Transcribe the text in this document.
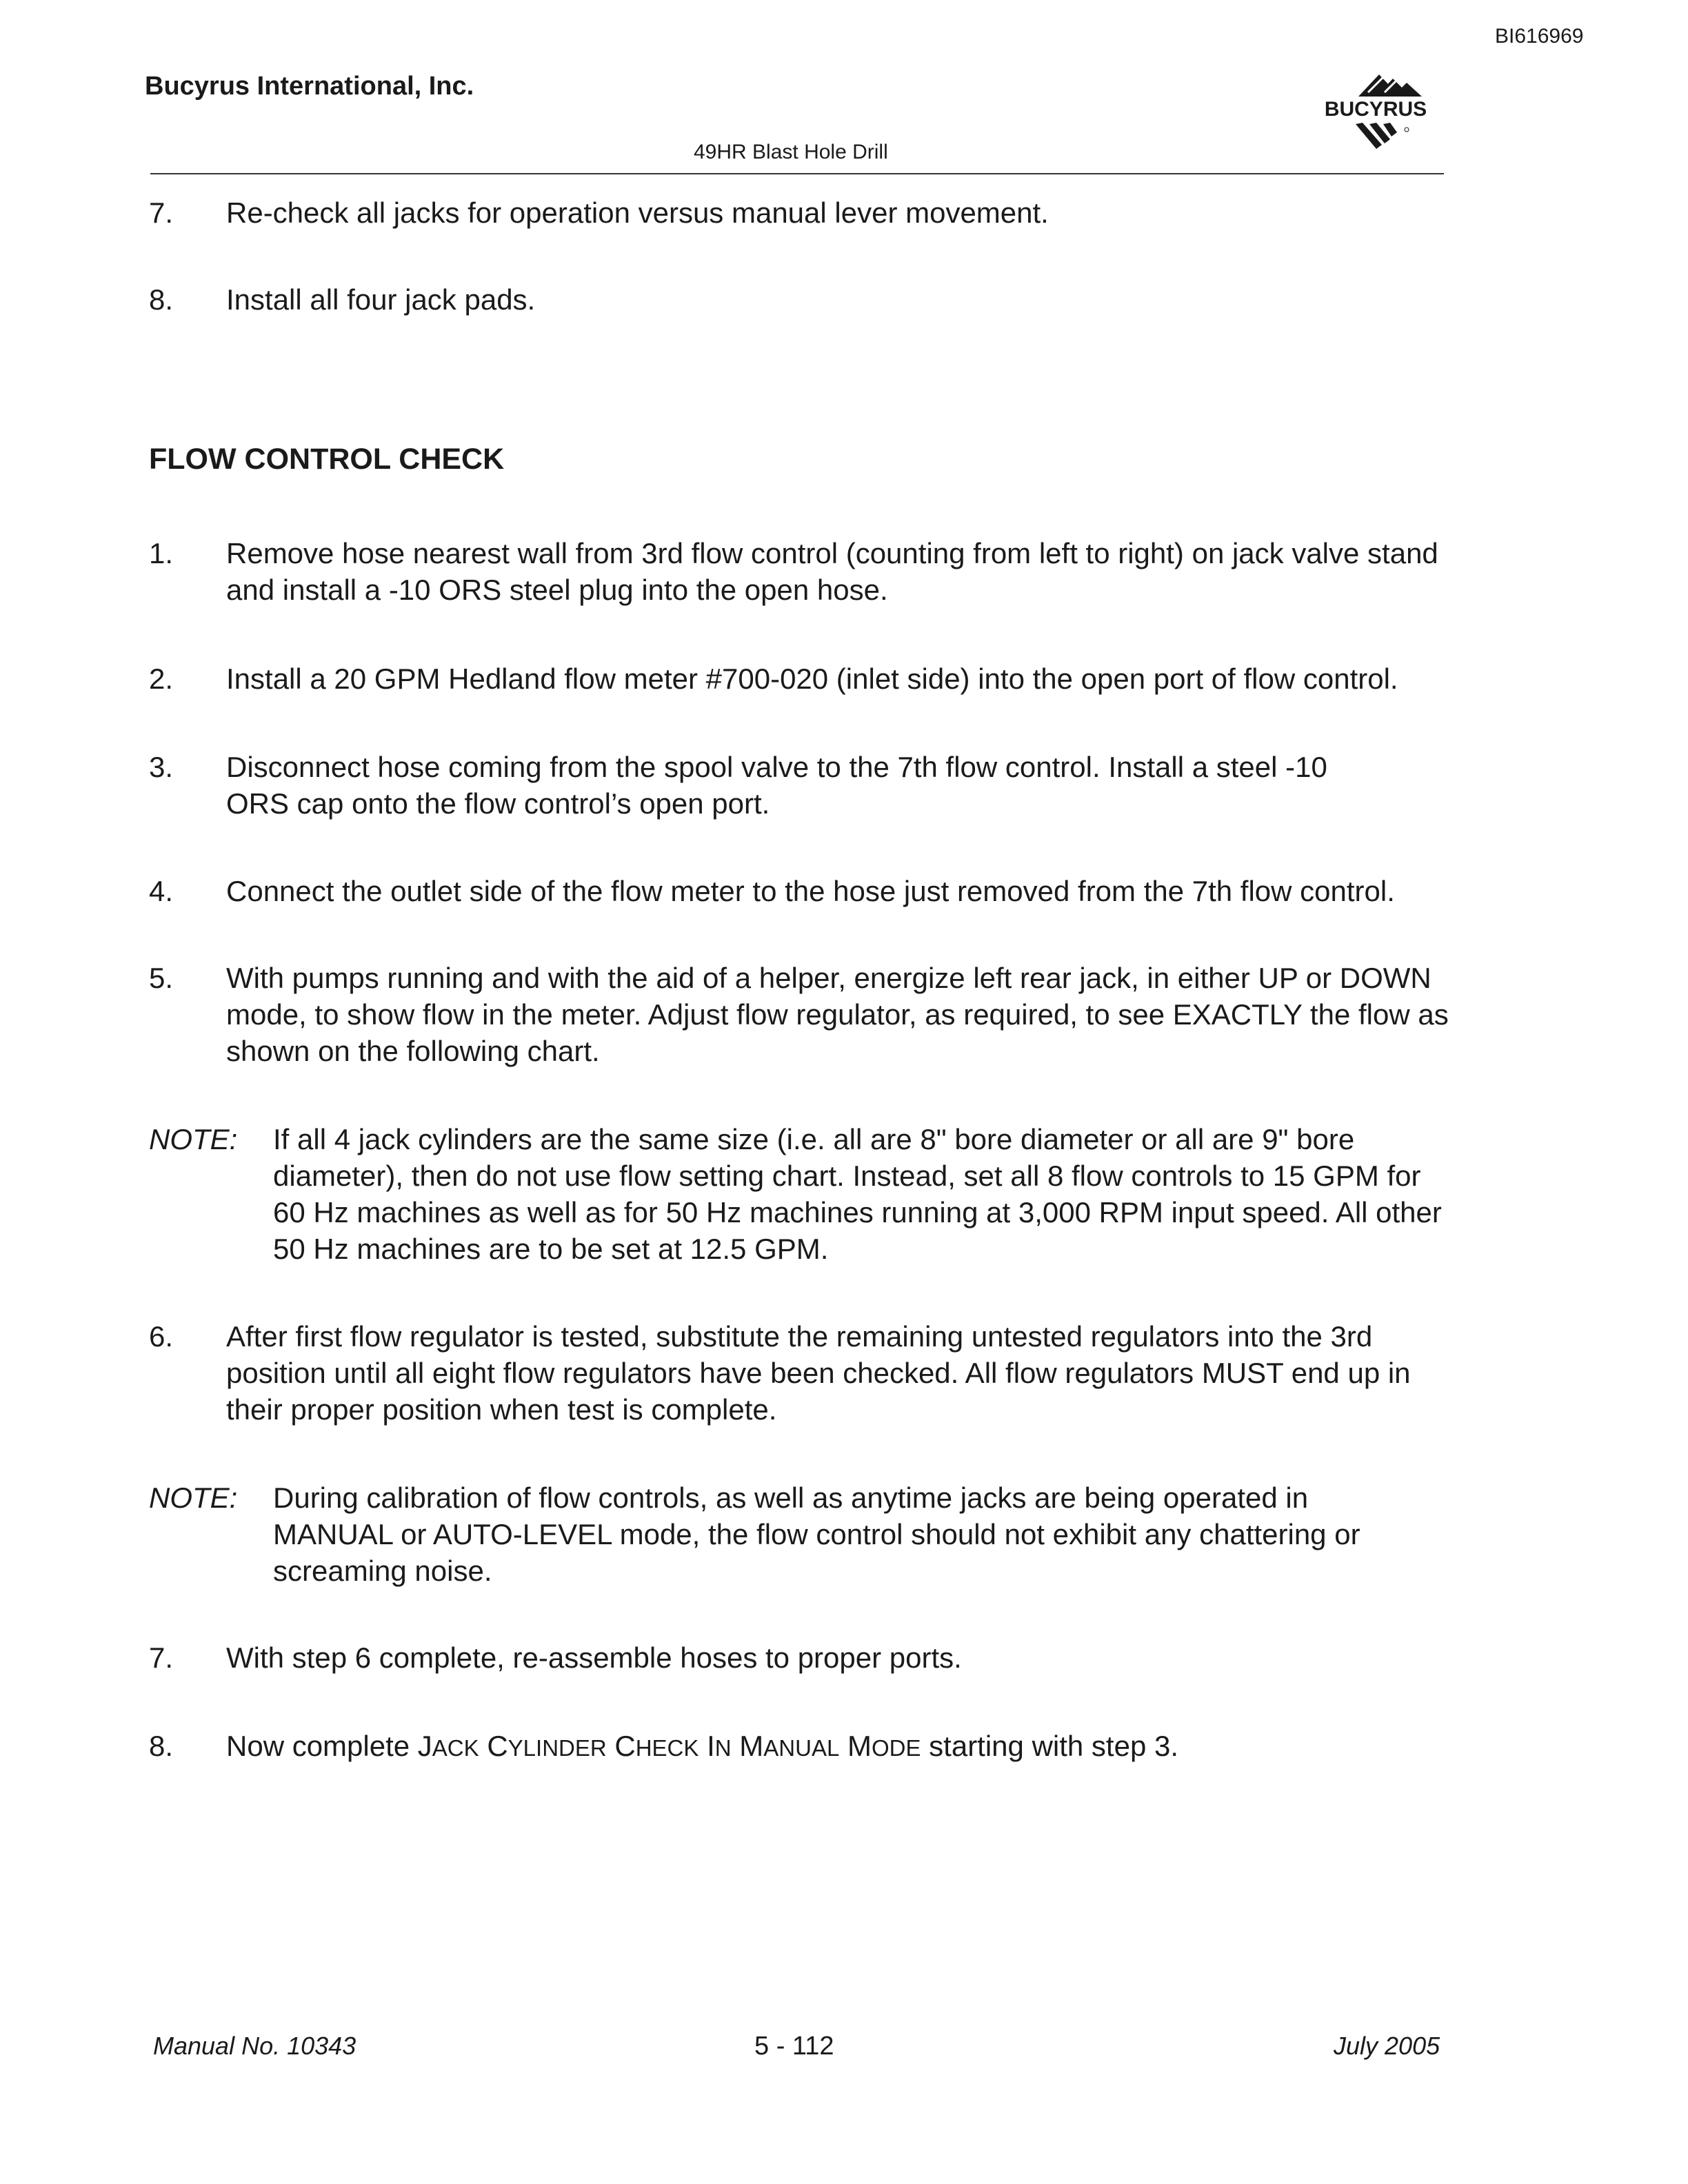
BI616969
Bucyrus International, Inc.
49HR Blast Hole Drill
BUCYRUS
7. Re-check all jacks for operation versus manual lever movement.
8. Install all four jack pads.
FLOW CONTROL CHECK
1. Remove hose nearest wall from 3rd flow control (counting from left to right) on jack valve stand and install a -10 ORS steel plug into the open hose.
2. Install a 20 GPM Hedland flow meter #700-020 (inlet side) into the open port of flow control.
3. Disconnect hose coming from the spool valve to the 7th flow control. Install a steel -10 ORS cap onto the flow control’s open port.
4. Connect the outlet side of the flow meter to the hose just removed from the 7th flow control.
5. With pumps running and with the aid of a helper, energize left rear jack, in either UP or DOWN mode, to show flow in the meter. Adjust flow regulator, as required, to see EXACTLY the flow as shown on the following chart.
NOTE: If all 4 jack cylinders are the same size (i.e. all are 8" bore diameter or all are 9" bore diameter), then do not use flow setting chart. Instead, set all 8 flow controls to 15 GPM for 60 Hz machines as well as for 50 Hz machines running at 3,000 RPM input speed. All other 50 Hz machines are to be set at 12.5 GPM.
6. After first flow regulator is tested, substitute the remaining untested regulators into the 3rd position until all eight flow regulators have been checked. All flow regulators MUST end up in their proper position when test is complete.
NOTE: During calibration of flow controls, as well as anytime jacks are being operated in MANUAL or AUTO-LEVEL mode, the flow control should not exhibit any chattering or screaming noise.
7. With step 6 complete, re-assemble hoses to proper ports.
8. Now complete JACK CYLINDER CHECK IN MANUAL MODE starting with step 3.
Manual No. 10343	5 - 112	July 2005
